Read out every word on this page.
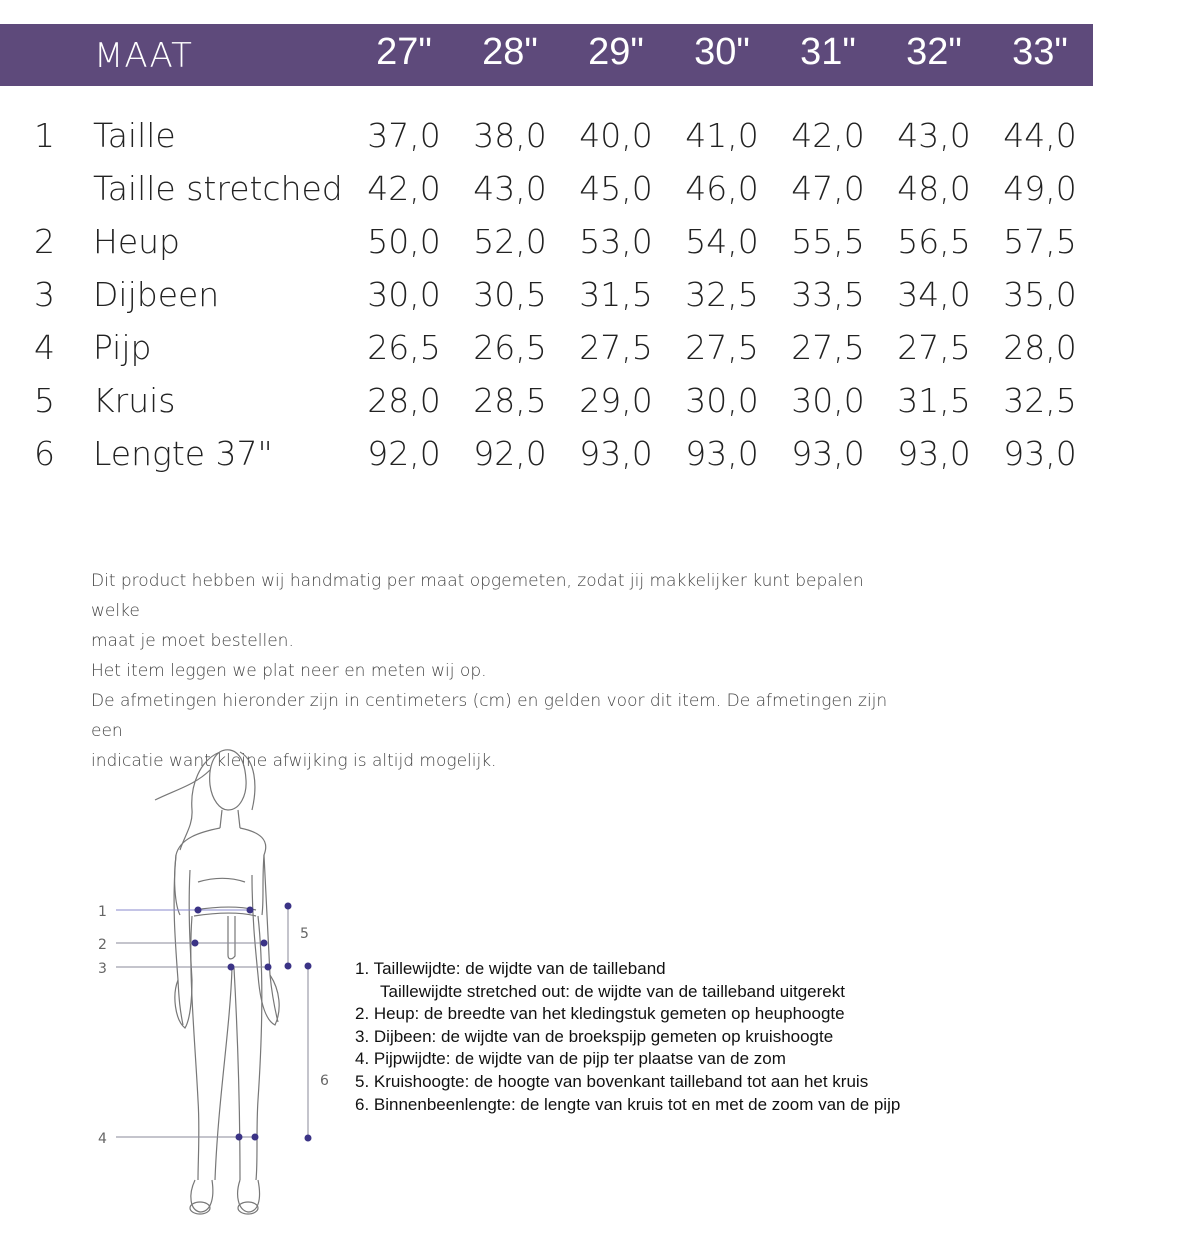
MAAT	27"	28"	29"	30"	31"	32"	33"
1 Taille	37,0 38,0 40,0 41,0 42,0 43,0 44,0
Taille stretched 42,0 43,0 45,0 46,0 47,0 48,0 49,0
2 Heup	50,0 52,0 53,0 54,0 55,5 56,5 57,5
3 Dijbeen	30,0 30,5 31,5 32,5 33,5 34,0 35,0
4 Pijp	26,5 26,5 27,5 27,5 27,5 27,5 28,0
5 Kruis	28,0 28,5 29,0 30,0 30,0 31,5 32,5
6 Lengte 37"	92,0 92,0 93,0 93,0 93,0 93,0 93,0

Dit product hebben wij handmatig per maat opgemeten, zodat jij makkelijker kunt bepalen welke

maat je moet bestellen.

Het item leggen we plat neer en meten wij op.

De afmetingen hieronder zijn in centimeters (cm) en gelden voor dit item. De afmetingen zijn een

indicatie want kleine afwijking is altijd mogelijk.

1
2
3
4
5
6
1. Taillewijdte: de wijdte van de tailleband
Taillewijdte stretched out: de wijdte van de tailleband uitgerekt
2. Heup: de breedte van het kledingstuk gemeten op heuphoogte
3. Dijbeen: de wijdte van de broekspijp gemeten op kruishoogte
4. Pijpwijdte: de wijdte van de pijp ter plaatse van de zom
5. Kruishoogte: de hoogte van bovenkant tailleband tot aan het kruis
6. Binnenbeenlengte: de lengte van kruis tot en met de zoom van de pijp
